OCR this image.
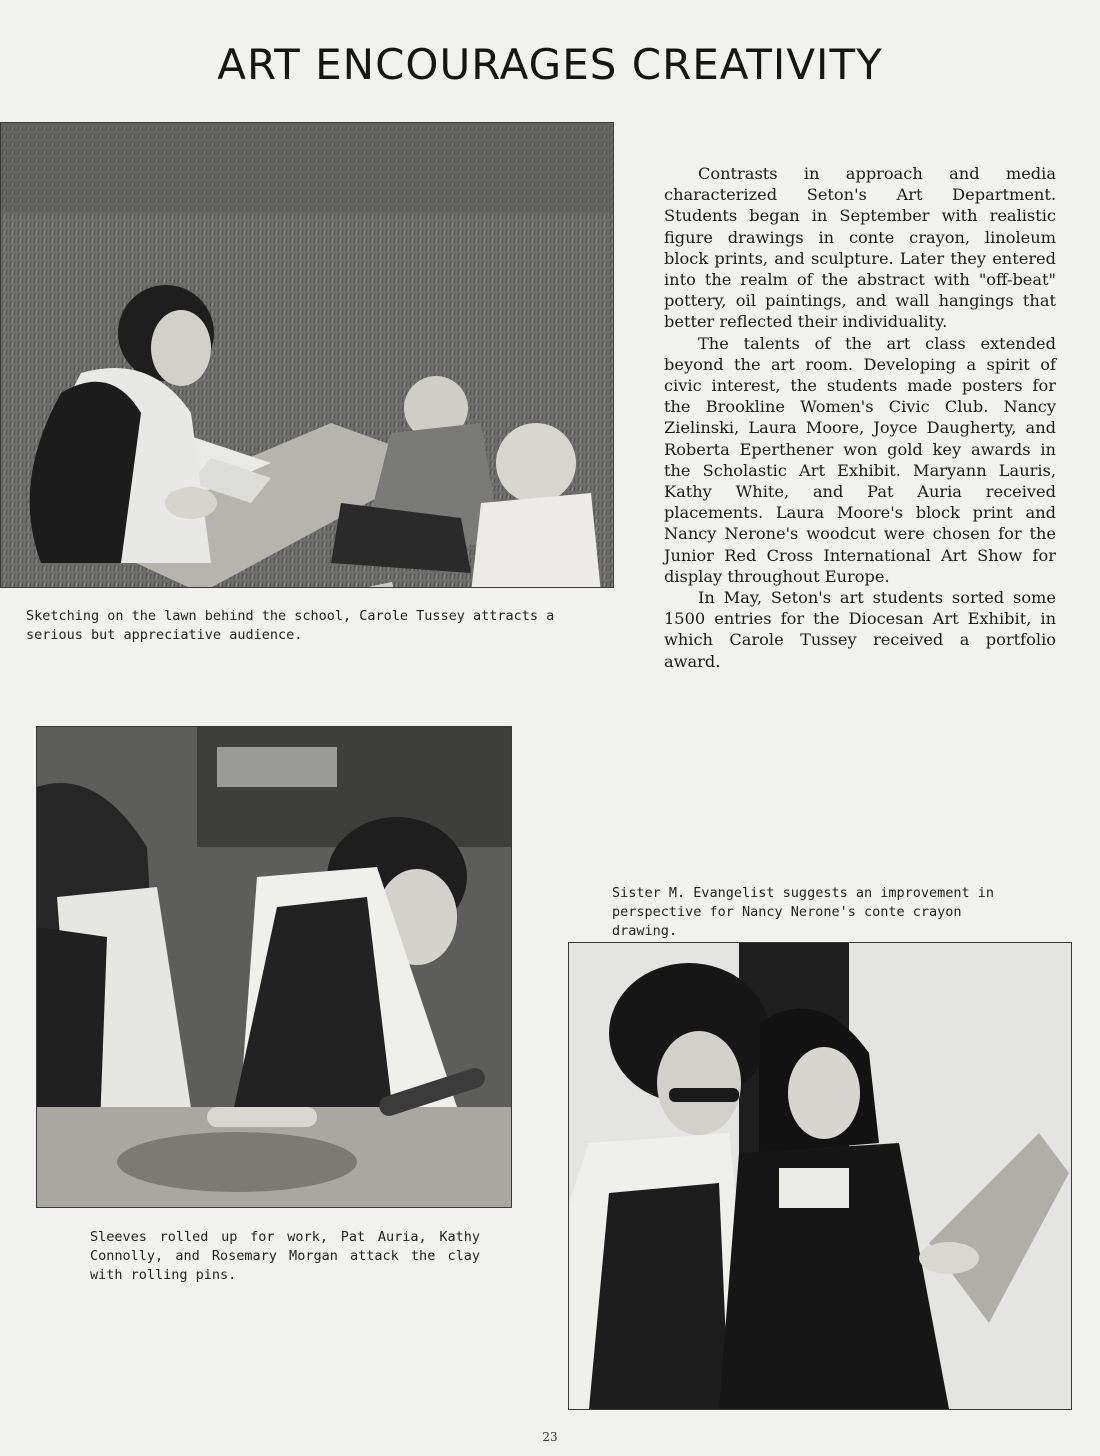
ART ENCOURAGES CREATIVITY

Sketching on the lawn behind the school, Carole Tussey attracts a serious but appreciative audience.

Contrasts in approach and media characterized Seton's Art Department. Students began in September with realistic figure drawings in conte crayon, linoleum block prints, and sculpture. Later they entered into the realm of the abstract with "off-beat" pottery, oil paintings, and wall hangings that better reflected their individuality.

The talents of the art class extended beyond the art room. Developing a spirit of civic interest, the students made posters for the Brookline Women's Civic Club. Nancy Zielinski, Laura Moore, Joyce Daugherty, and Roberta Eperthener won gold key awards in the Scholastic Art Exhibit. Maryann Lauris, Kathy White, and Pat Auria received placements. Laura Moore's block print and Nancy Nerone's woodcut were chosen for the Junior Red Cross International Art Show for display throughout Europe.

In May, Seton's art students sorted some 1500 entries for the Diocesan Art Exhibit, in which Carole Tussey received a portfolio award.

Sleeves rolled up for work, Pat Auria, Kathy Connolly, and Rosemary Morgan attack the clay with rolling pins.

Sister M. Evangelist suggests an improvement in perspective for Nancy Nerone's conte crayon drawing.

23
